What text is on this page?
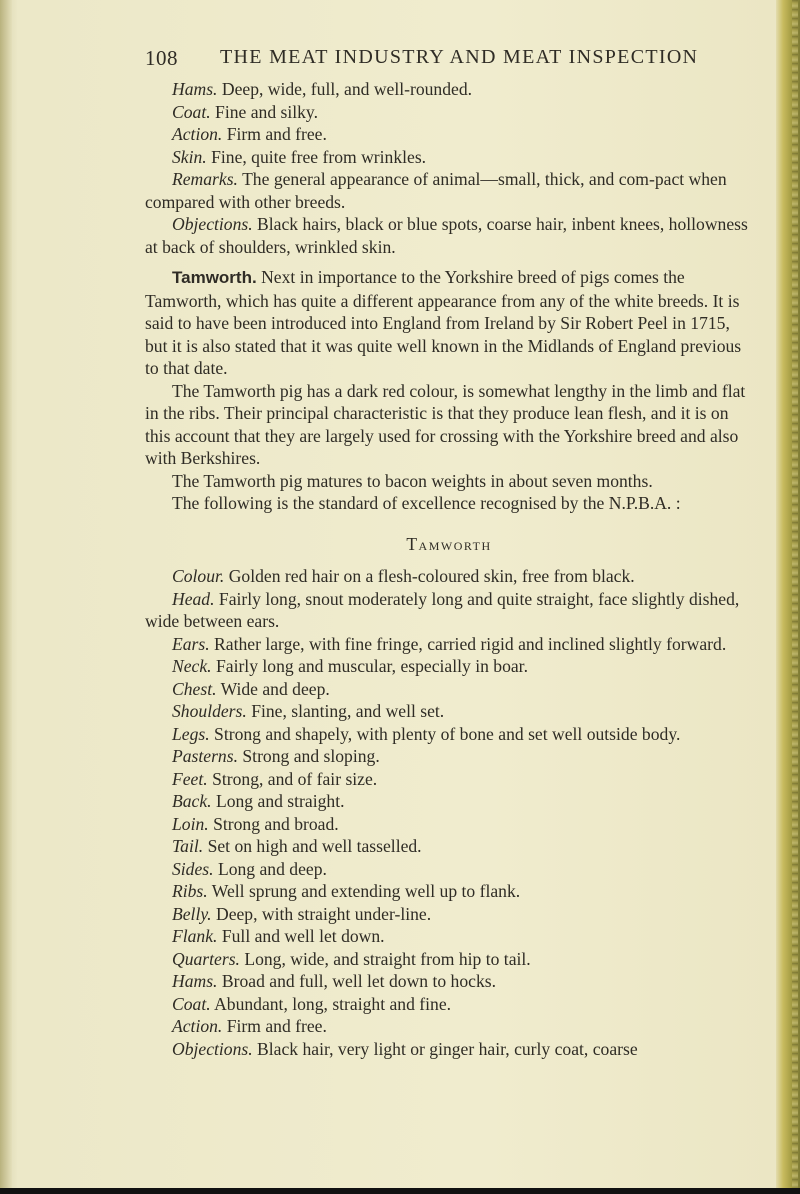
108 THE MEAT INDUSTRY AND MEAT INSPECTION

Hams. Deep, wide, full, and well-rounded.

Coat. Fine and silky.

Action. Firm and free.

Skin. Fine, quite free from wrinkles.

Remarks. The general appearance of animal—small, thick, and com-pact when compared with other breeds.

Objections. Black hairs, black or blue spots, coarse hair, inbent knees, hollowness at back of shoulders, wrinkled skin.

Tamworth. Next in importance to the Yorkshire breed of pigs comes the Tamworth, which has quite a different appearance from any of the white breeds. It is said to have been introduced into England from Ireland by Sir Robert Peel in 1715, but it is also stated that it was quite well known in the Midlands of England previous to that date.

The Tamworth pig has a dark red colour, is somewhat lengthy in the limb and flat in the ribs. Their principal characteristic is that they produce lean flesh, and it is on this account that they are largely used for crossing with the Yorkshire breed and also with Berkshires.

The Tamworth pig matures to bacon weights in about seven months.

The following is the standard of excellence recognised by the N.P.B.A. :

Tamworth

Colour. Golden red hair on a flesh-coloured skin, free from black.

Head. Fairly long, snout moderately long and quite straight, face slightly dished, wide between ears.

Ears. Rather large, with fine fringe, carried rigid and inclined slightly forward.

Neck. Fairly long and muscular, especially in boar.

Chest. Wide and deep.

Shoulders. Fine, slanting, and well set.

Legs. Strong and shapely, with plenty of bone and set well outside body.

Pasterns. Strong and sloping.

Feet. Strong, and of fair size.

Back. Long and straight.

Loin. Strong and broad.

Tail. Set on high and well tasselled.

Sides. Long and deep.

Ribs. Well sprung and extending well up to flank.

Belly. Deep, with straight under-line.

Flank. Full and well let down.

Quarters. Long, wide, and straight from hip to tail.

Hams. Broad and full, well let down to hocks.

Coat. Abundant, long, straight and fine.

Action. Firm and free.

Objections. Black hair, very light or ginger hair, curly coat, coarse
